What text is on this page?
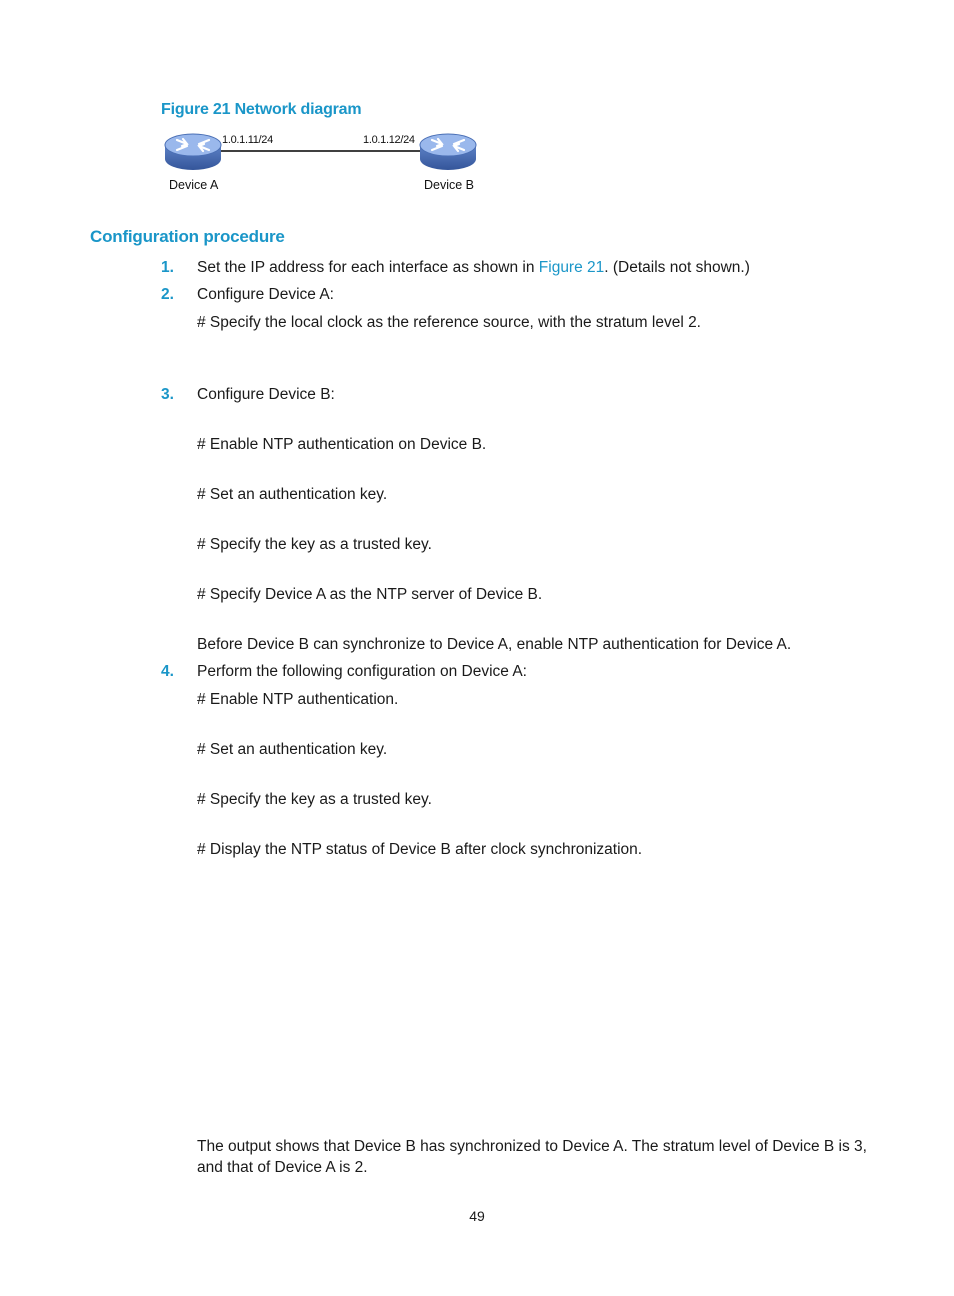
Figure 21 Network diagram
1.0.1.11/24	1.0.1.12/24
Device A	Device B
Configuration procedure
1. Set the IP address for each interface as shown in Figure 21. (Details not shown.)
2. Configure Device A:
# Specify the local clock as the reference source, with the stratum level 2.
3. Configure Device B:
# Enable NTP authentication on Device B.
# Set an authentication key.
# Specify the key as a trusted key.
# Specify Device A as the NTP server of Device B.
Before Device B can synchronize to Device A, enable NTP authentication for Device A.
4. Perform the following configuration on Device A:
# Enable NTP authentication.
# Set an authentication key.
# Specify the key as a trusted key.
# Display the NTP status of Device B after clock synchronization.
The output shows that Device B has synchronized to Device A. The stratum level of Device B is 3,
and that of Device A is 2.
49
